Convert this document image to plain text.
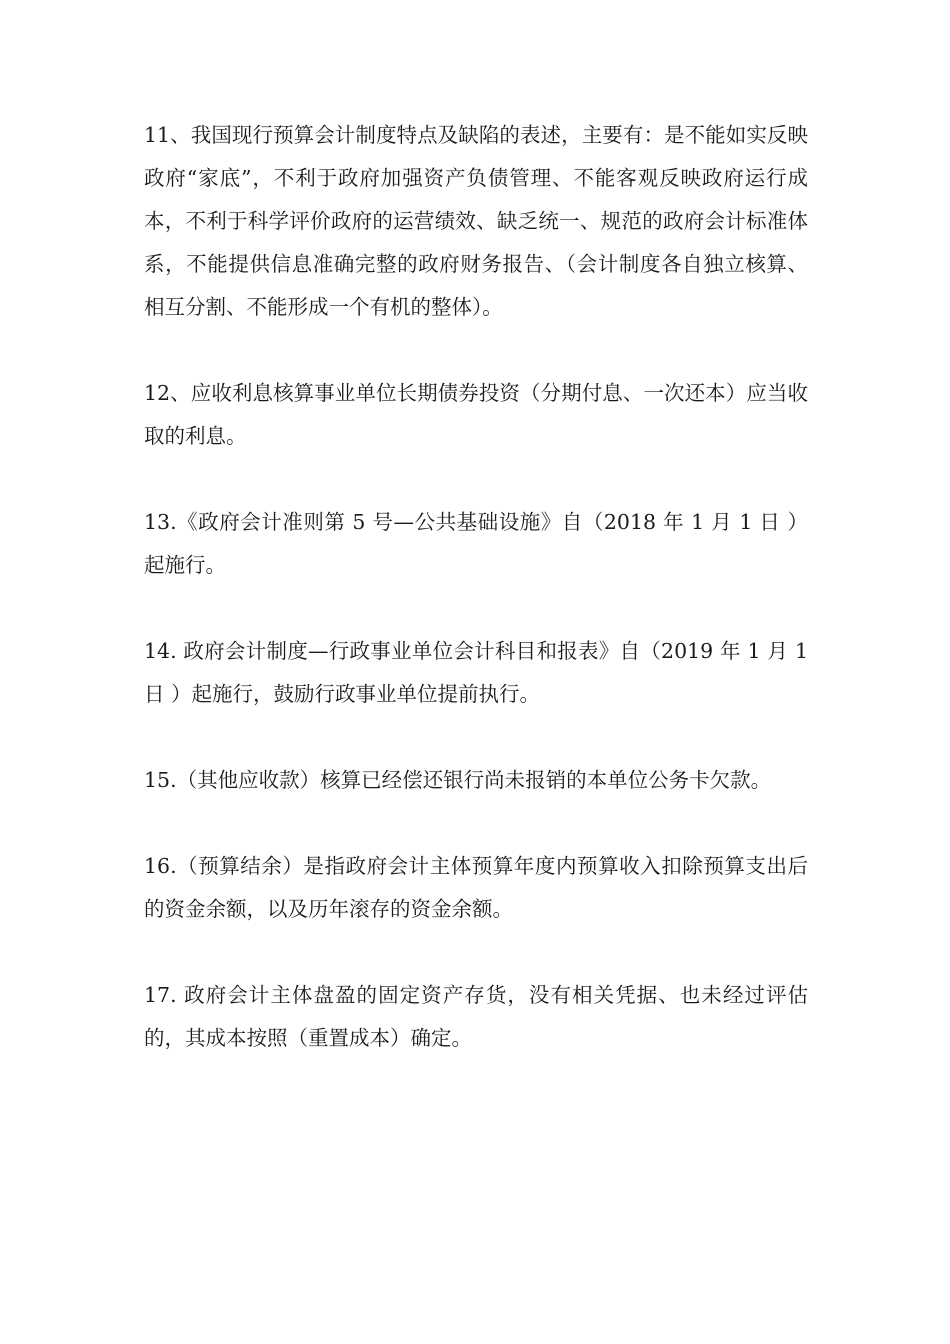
11、我国现行预算会计制度特点及缺陷的表述，主要有：是不能如实反映政府“家底”，不利于政府加强资产负债管理、不能客观反映政府运行成本，不利于科学评价政府的运营绩效、缺乏统一、规范的政府会计标准体系，不能提供信息准确完整的政府财务报告、（会计制度各自独立核算、相互分割、不能形成一个有机的整体）。

12、应收利息核算事业单位长期债券投资（分期付息、一次还本）应当收取的利息。

13.《政府会计准则第 5 号—公共基础设施》自（2018 年 1 月 1 日 ）起施行。

14. 政府会计制度—行政事业单位会计科目和报表》自（2019 年 1 月 1 日 ）起施行，鼓励行政事业单位提前执行。

15.（其他应收款）核算已经偿还银行尚未报销的本单位公务卡欠款。

16.（预算结余）是指政府会计主体预算年度内预算收入扣除预算支出后的资金余额，以及历年滚存的资金余额。

17. 政府会计主体盘盈的固定资产存货，没有相关凭据、也未经过评估的，其成本按照（重置成本）确定。
